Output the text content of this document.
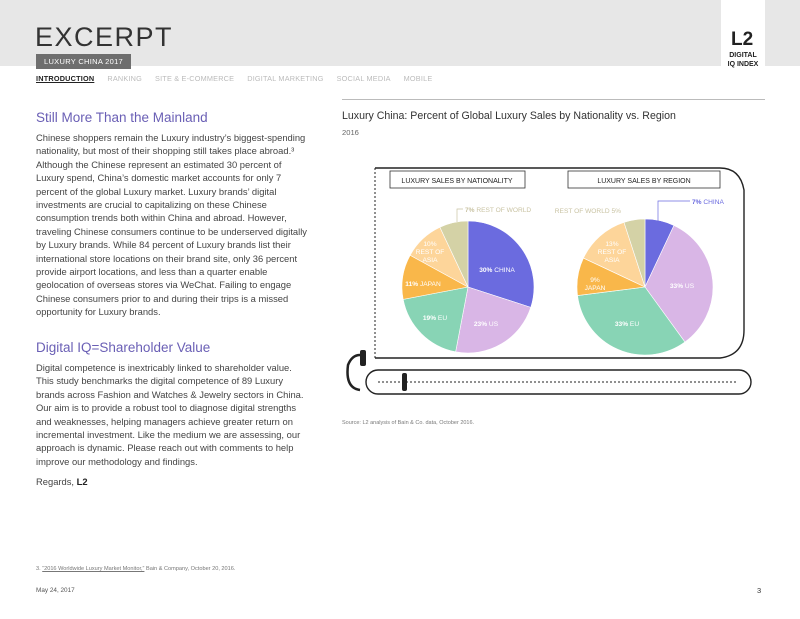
EXCERPT
LUXURY CHINA 2017
L2
DIGITAL
IQ INDEX
INTRODUCTION RANKING SITE & E-COMMERCE DIGITAL MARKETING SOCIAL MEDIA MOBILE
Still More Than the Mainland
Chinese shoppers remain the Luxury industry’s biggest-spending nationality, but most of their shopping still takes place abroad.³ Although the Chinese represent an estimated 30 percent of Luxury spend, China’s domestic market accounts for only 7 percent of the global Luxury market. Luxury brands’ digital investments are crucial to capitalizing on these Chinese consumption trends both within China and abroad. However, traveling Chinese consumers continue to be underserved digitally by Luxury brands. While 84 percent of Luxury brands list their international store locations on their brand site, only 36 percent provide airport locations, and less than a quarter enable geolocation of overseas stores via WeChat. Failing to engage Chinese consumers prior to and during their trips is a missed opportunity for Luxury brands.
Digital IQ=Shareholder Value
Digital competence is inextricably linked to shareholder value. This study benchmarks the digital competence of 89 Luxury brands across Fashion and Watches & Jewelry sectors in China. Our aim is to provide a robust tool to diagnose digital strengths and weaknesses, helping managers achieve greater return on incremental investment. Like the medium we are assessing, our approach is dynamic. Please reach out with comments to help improve our methodology and findings.
Regards, L2
Luxury China: Percent of Global Luxury Sales by Nationality vs. Region
2016
LUXURY SALES BY NATIONALITY	LUXURY SALES BY REGION
30% CHINA
23% US
19% EU
11% JAPAN
10% REST OF ASIA
7% REST OF WORLD
7% CHINA
33% US
33% EU
9% JAPAN
13% REST OF ASIA
REST OF WORLD 5%
Source: L2 analysis of Bain & Co. data, October 2016.
3. “2016 Worldwide Luxury Market Monitor,” Bain & Company, October 20, 2016.
May 24, 2017	3
